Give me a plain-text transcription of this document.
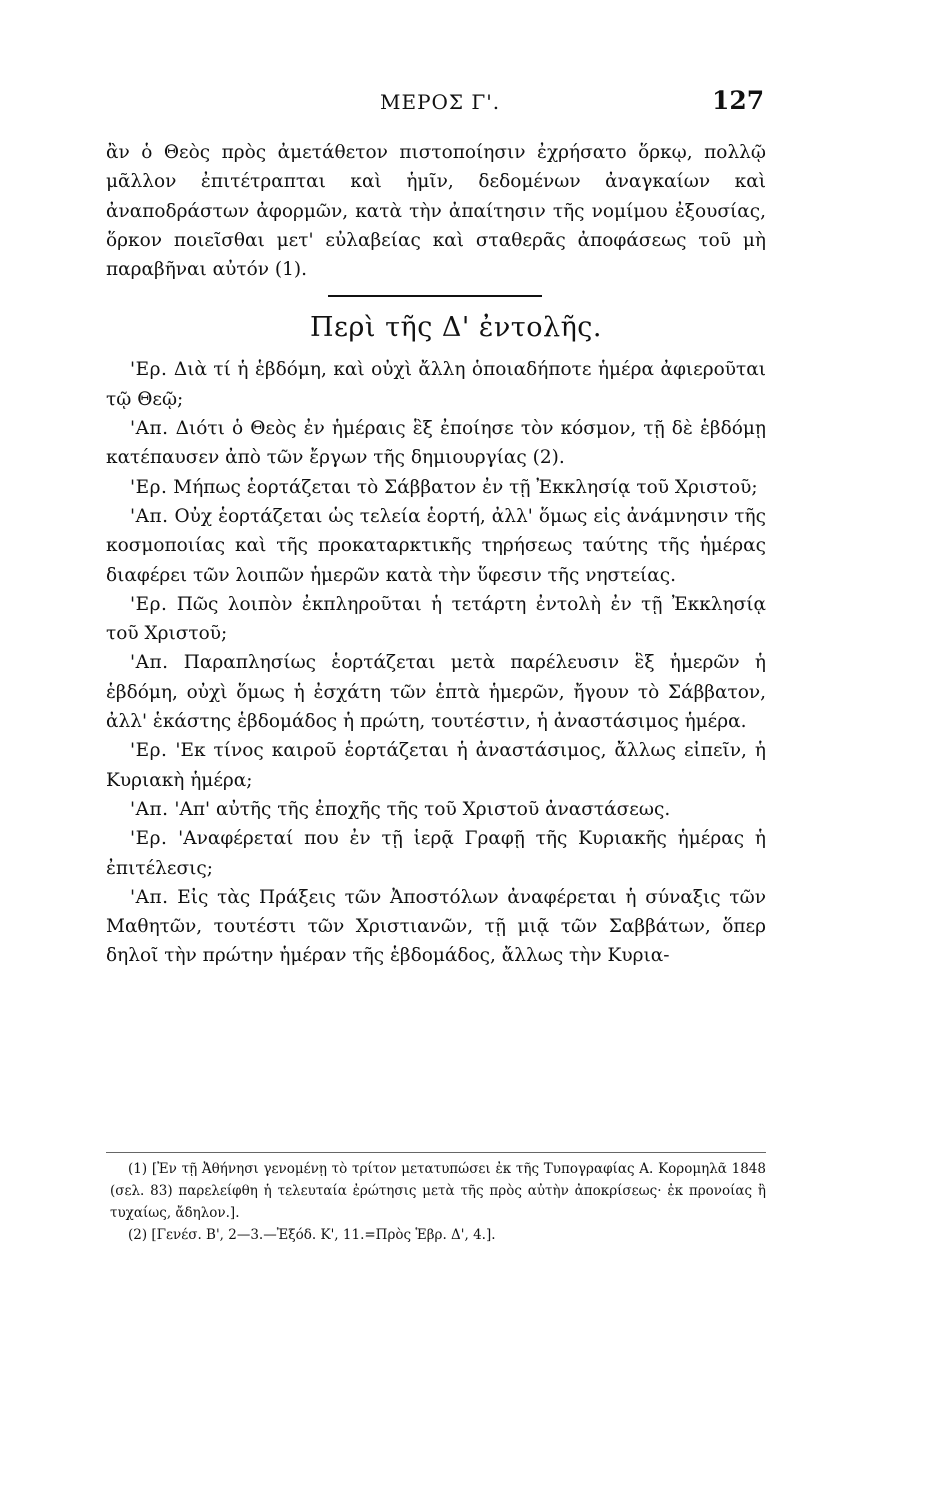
ΜΕΡΟΣ Γ'.	127

ἂν ὁ Θεὸς πρὸς ἀμετάθετον πιστοποίησιν ἐχρήσατο ὅρκῳ, πολλῷ μᾶλλον ἐπιτέτραπται καὶ ἡμῖν, δεδομένων ἀναγκαίων καὶ ἀναποδράστων ἀφορμῶν, κατὰ τὴν ἀπαίτησιν τῆς νομίμου ἐξουσίας, ὅρκον ποιεῖσθαι μετ' εὐλαβείας καὶ σταθερᾶς ἀποφάσεως τοῦ μὴ παραβῆναι αὐτόν (1).

Περὶ τῆς Δ' ἐντολῆς.

'Ερ. Διὰ τί ἡ ἑβδόμη, καὶ οὐχὶ ἄλλη ὁποιαδήποτε ἡμέρα ἀφιεροῦται τῷ Θεῷ;

'Απ. Διότι ὁ Θεὸς ἐν ἡμέραις ἓξ ἐποίησε τὸν κόσμον, τῇ δὲ ἑβδόμῃ κατέπαυσεν ἀπὸ τῶν ἔργων τῆς δημιουργίας (2).

'Ερ. Μήπως ἑορτάζεται τὸ Σάββατον ἐν τῇ Ἐκκλησίᾳ τοῦ Χριστοῦ;

'Απ. Οὐχ ἑορτάζεται ὡς τελεία ἑορτή, ἀλλ' ὅμως εἰς ἀνάμνησιν τῆς κοσμοποιίας καὶ τῆς προκαταρκτικῆς τηρήσεως ταύτης τῆς ἡμέρας διαφέρει τῶν λοιπῶν ἡμερῶν κατὰ τὴν ὕφεσιν τῆς νηστείας.

'Ερ. Πῶς λοιπὸν ἐκπληροῦται ἡ τετάρτη ἐντολὴ ἐν τῇ Ἐκκλησίᾳ τοῦ Χριστοῦ;

'Απ. Παραπλησίως ἑορτάζεται μετὰ παρέλευσιν ἓξ ἡμερῶν ἡ ἑβδόμη, οὐχὶ ὅμως ἡ ἐσχάτη τῶν ἑπτὰ ἡμερῶν, ἤγουν τὸ Σάββατον, ἀλλ' ἑκάστης ἑβδομάδος ἡ πρώτη, τουτέστιν, ἡ ἀναστάσιμος ἡμέρα.

'Ερ. 'Εκ τίνος καιροῦ ἑορτάζεται ἡ ἀναστάσιμος, ἄλλως εἰπεῖν, ἡ Κυριακὴ ἡμέρα;

'Απ. 'Απ' αὐτῆς τῆς ἐποχῆς τῆς τοῦ Χριστοῦ ἀναστάσεως.

'Ερ. 'Αναφέρεταί που ἐν τῇ ἱερᾷ Γραφῇ τῆς Κυριακῆς ἡμέρας ἡ ἐπιτέλεσις;

'Απ. Εἰς τὰς Πράξεις τῶν Ἀποστόλων ἀναφέρεται ἡ σύναξις τῶν Μαθητῶν, τουτέστι τῶν Χριστιανῶν, τῇ μιᾷ τῶν Σαββάτων, ὅπερ δηλοῖ τὴν πρώτην ἡμέραν τῆς ἑβδομάδος, ἄλλως τὴν Κυρια-

(1) [Ἐν τῇ Ἀθήνησι γενομένῃ τὸ τρίτον μετατυπώσει ἐκ τῆς Τυπογραφίας Α. Κορομηλᾶ 1848 (σελ. 83) παρελείφθη ἡ τελευταία ἐρώτησις μετὰ τῆς πρὸς αὐτὴν ἀποκρίσεως· ἐκ προνοίας ἢ τυχαίως, ἄδηλον.].

(2) [Γενέσ. Β', 2—3.—Ἐξόδ. Κ', 11.=Πρὸς Ἑβρ. Δ', 4.].
